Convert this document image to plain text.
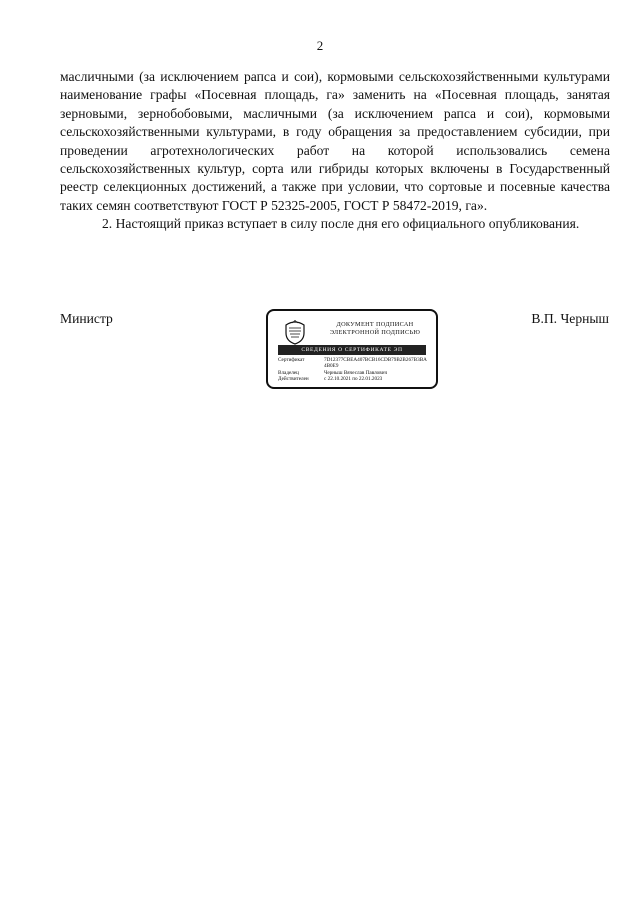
2

масличными (за исключением рапса и сои), кормовыми сельскохозяйственными культурами наименование графы «Посевная площадь, га» заменить на «Посевная площадь, занятая зерновыми, зернобобовыми, масличными (за исключением рапса и сои), кормовыми сельскохозяйственными культурами, в году обращения за предоставлением субсидии, при проведении агротехнологических работ на которой использовались семена сельскохозяйственных культур, сорта или гибриды которых включены в Государственный реестр селекционных достижений, а также при условии, что сортовые и посевные качества таких семян соответствуют ГОСТ Р 52325-2005, ГОСТ Р 58472-2019, га».

2. Настоящий приказ вступает в силу после дня его официального опубликования.

Министр	В.П. Черныш
ДОКУМЕНТ ПОДПИСАН
ЭЛЕКТРОННОЙ ПОДПИСЬЮ
СВЕДЕНИЯ О СЕРТИФИКАТЕ ЭП
Сертификат	7D12377CBEA407BCB16CDB79B2B267B3BA4B0E9
Владелец	Черныш Вячеслав Павлович
Действителен	с 22.10.2021 по 22.01.2023
